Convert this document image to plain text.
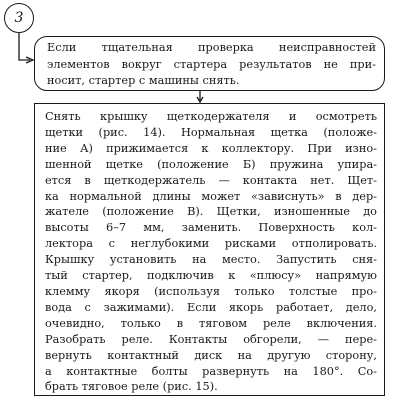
3

Если тщательная проверка неисправностей
элементов вокруг стартера результатов не при-
носит, стартер с машины снять.

Снять крышку щеткодержателя и осмотреть
щетки (рис. 14). Нормальная щетка (положе-
ние А) прижимается к коллектору. При изно-
шенной щетке (положение Б) пружина упира-
ется в щеткодержатель — контакта нет. Щет-
ка нормальной длины может «зависнуть» в дер-
жателе (положение В). Щетки, изношенные до
высоты 6–7 мм, заменить. Поверхность кол-
лектора с неглубокими рисками отполировать.
Крышку установить на место. Запустить сня-
тый стартер, подключив к «плюсу» напрямую
клемму якоря (используя только толстые про-
вода с зажимами). Если якорь работает, дело,
очевидно, только в тяговом реле включения.
Разобрать реле. Контакты обгорели, — пере-
вернуть контактный диск на другую сторону,
а контактные болты развернуть на 180°. Со-
брать тяговое реле (рис. 15).
